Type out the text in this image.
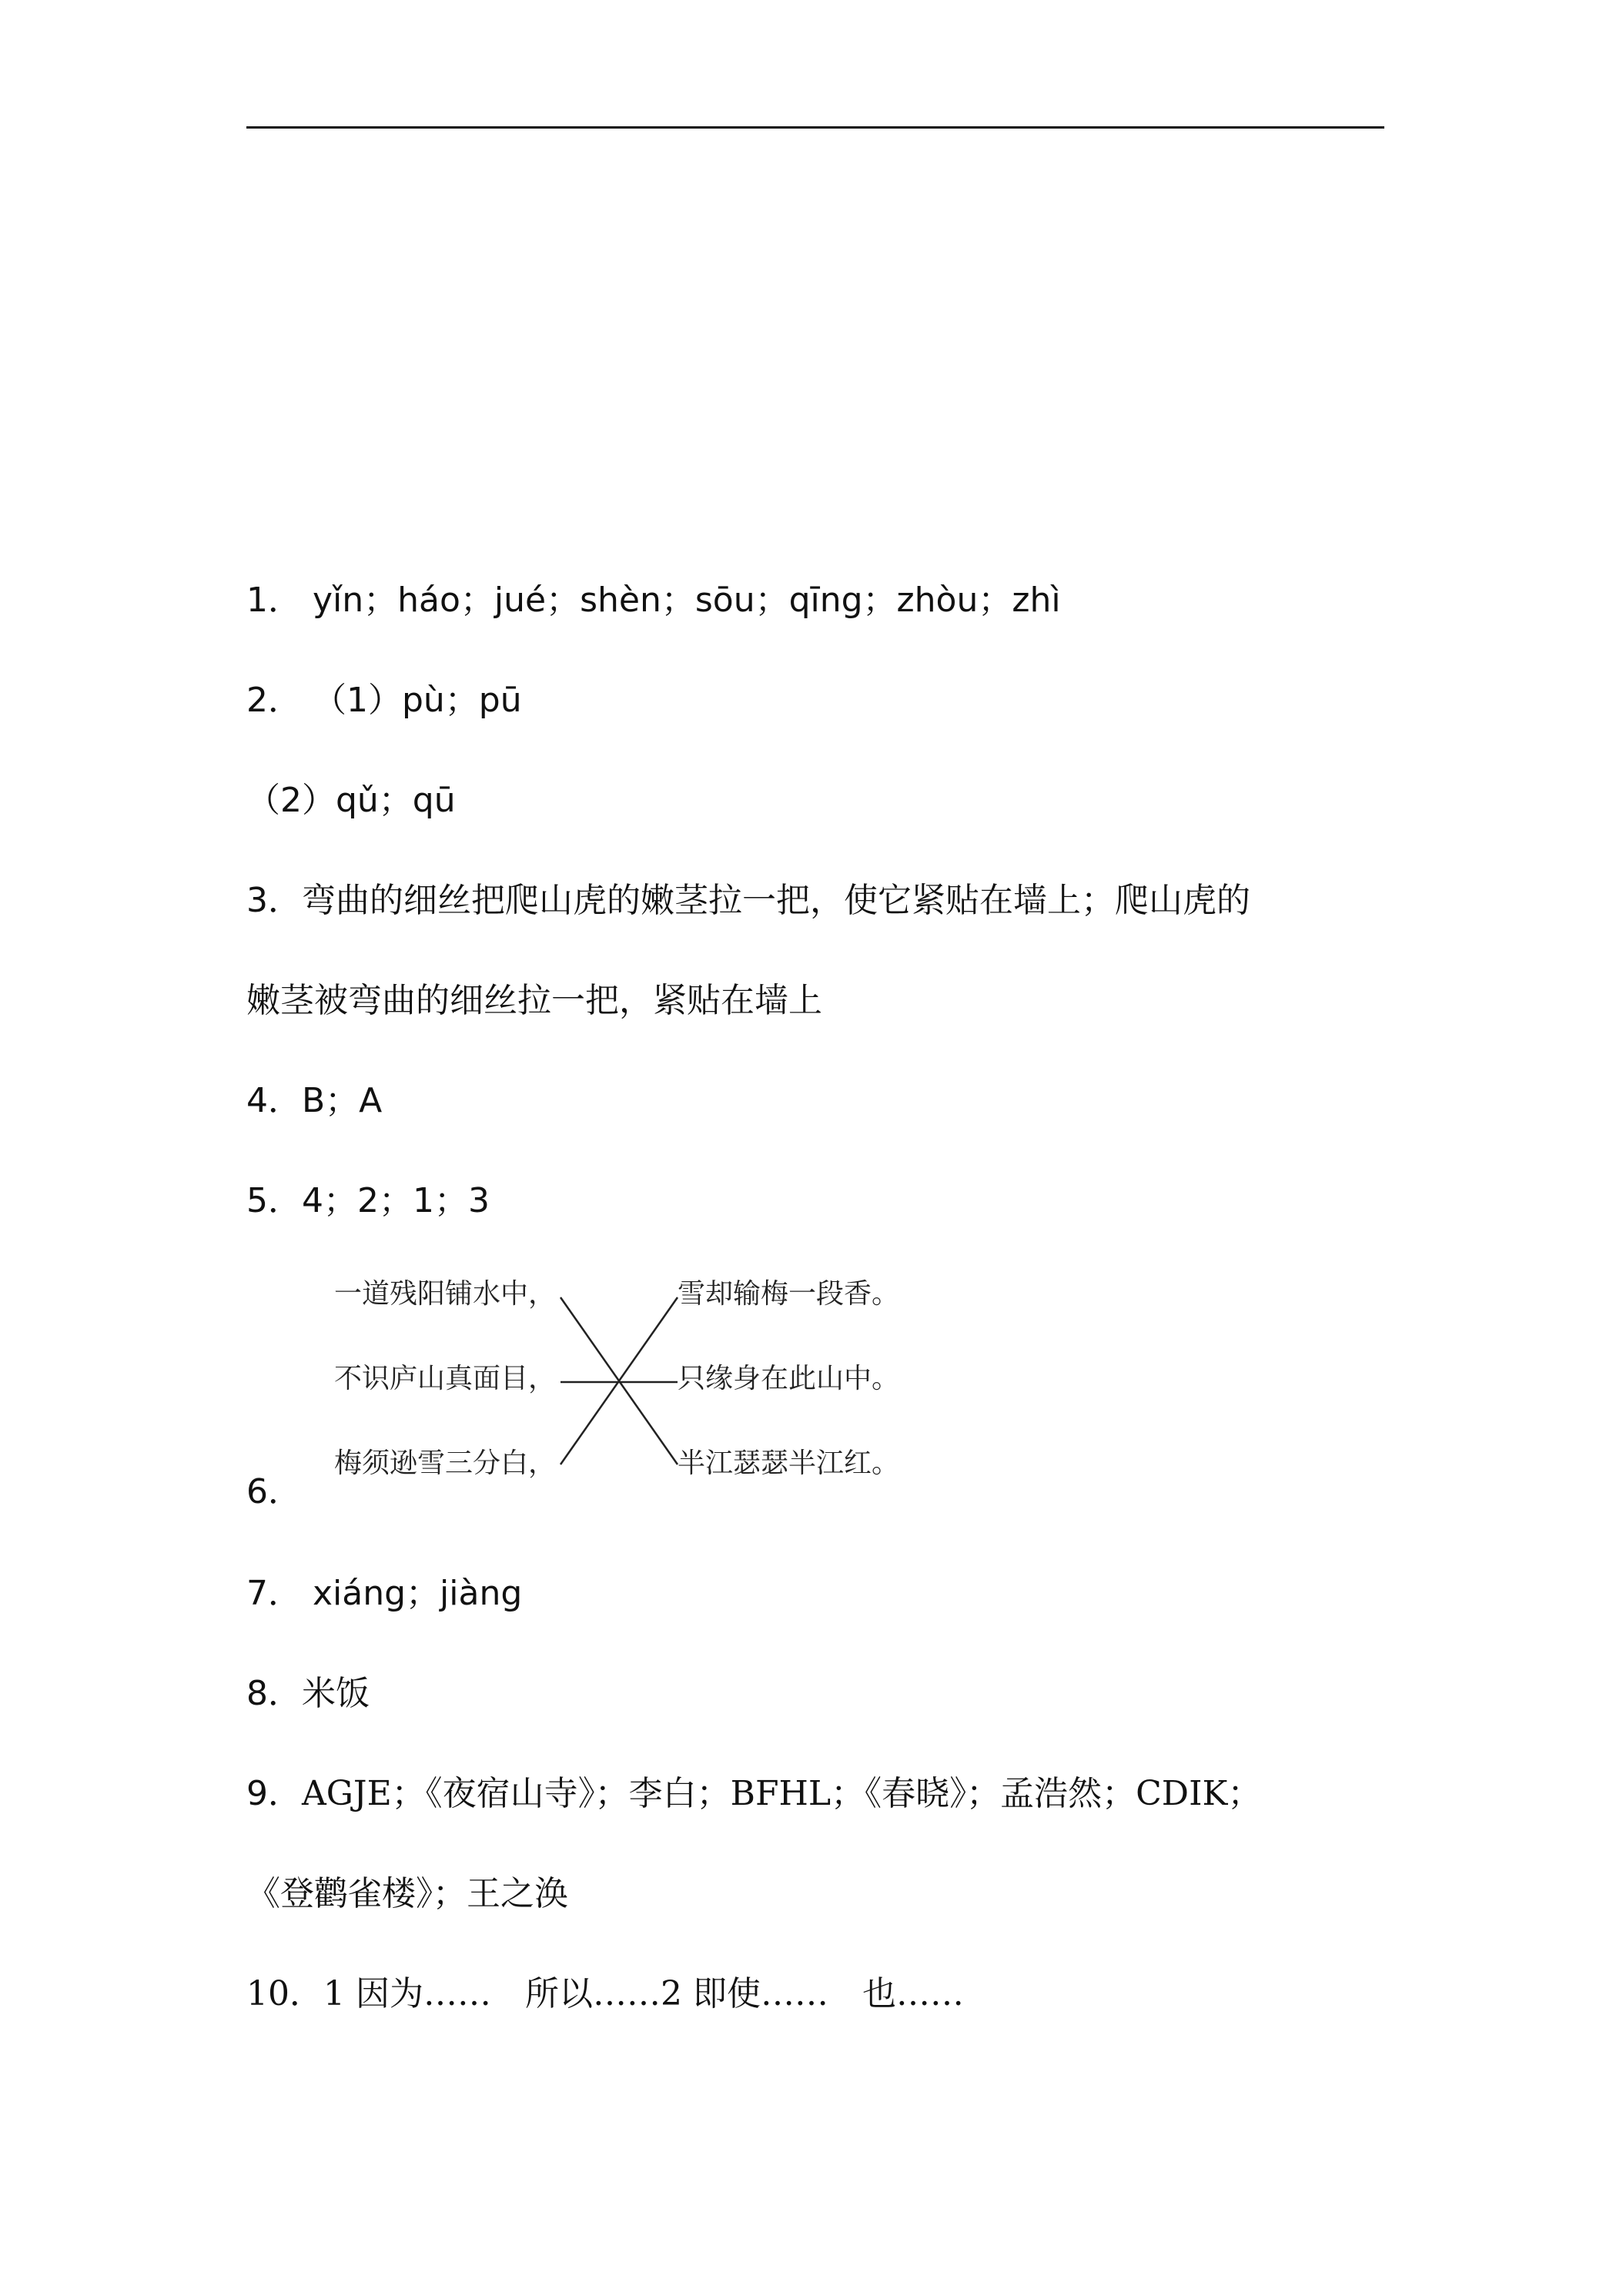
1． yǐn；háo；jué；shèn；sōu；qīng；zhòu；zhì
2． （1）pù；pū
（2）qǔ；qū
3．弯曲的细丝把爬山虎的嫩茎拉一把，使它紧贴在墙上；爬山虎的
嫩茎被弯曲的细丝拉一把，紧贴在墙上
4．B；A
5．4；2；1；3
一道残阳铺水中，
不识庐山真面目，
梅须逊雪三分白，
雪却输梅一段香。
只缘身在此山中。
半江瑟瑟半江红。
6．
7． xiáng；jiàng
8．米饭
9．AGJE；《夜宿山寺》；李白；BFHL；《春晓》；孟浩然；CDIK；
《登鹳雀楼》；王之涣
10．1 因为……　所以……2 即使……　也……
